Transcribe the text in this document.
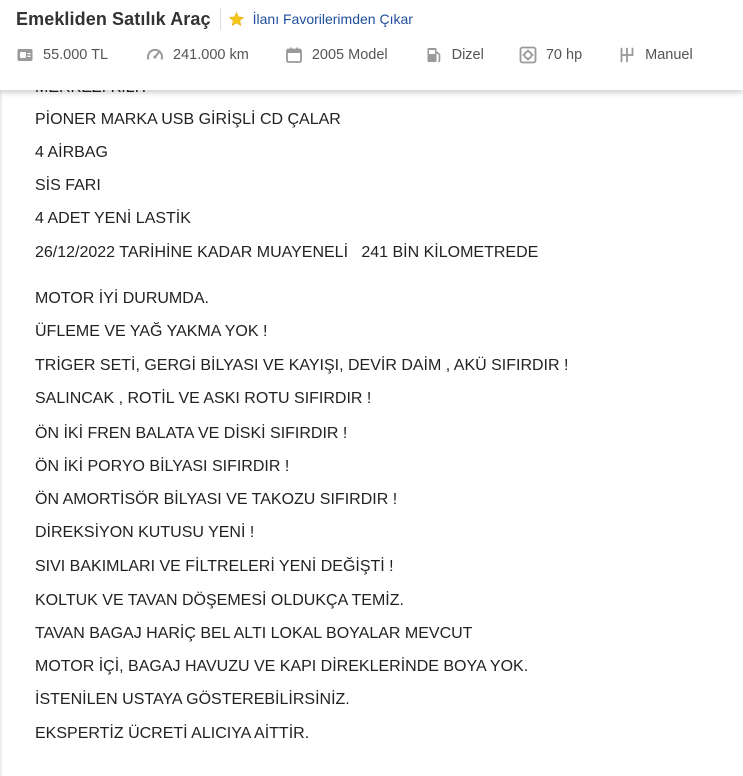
PİONER MARKA USB GİRİŞLİ CD ÇALAR
4 AİRBAG
SİS FARI
4 ADET YENİ LASTİK
26/12/2022 TARİHİNE KADAR MUAYENELİ   241 BİN KİLOMETREDE
MOTOR İYİ DURUMDA.
ÜFLEME VE YAĞ YAKMA YOK !
TRİGER SETİ, GERGİ BİLYASI VE KAYIŞI, DEVİR DAİM , AKÜ SIFIRDIR !
SALINCAK , ROTİL VE ASKI ROTU SIFIRDIR !
ÖN İKİ FREN BALATA VE DİSKİ SIFIRDIR !
ÖN İKİ PORYO BİLYASI SIFIRDIR !
ÖN AMORTİSÖR BİLYASI VE TAKOZU SIFIRDIR !
DİREKSİYON KUTUSU YENİ !
SIVI BAKIMLARI VE FİLTRELERİ YENİ DEĞİŞTİ !
KOLTUK VE TAVAN DÖŞEMESİ OLDUKÇA TEMİZ.
TAVAN BAGAJ HARİÇ BEL ALTI LOKAL BOYALAR MEVCUT
MOTOR İÇİ, BAGAJ HAVUZU VE KAPI DİREKLERİNDE BOYA YOK.
İSTENİLEN USTAYA GÖSTEREBİLİRSİNİZ.
EKSPERTİZ ÜCRETİ ALICIYA AİTTİR.
Emekliden Satılık Araç	İlanı Favorilerimden Çıkar
55.000 TL	241.000 km	2005 Model	Dizel	70 hp	Manuel
